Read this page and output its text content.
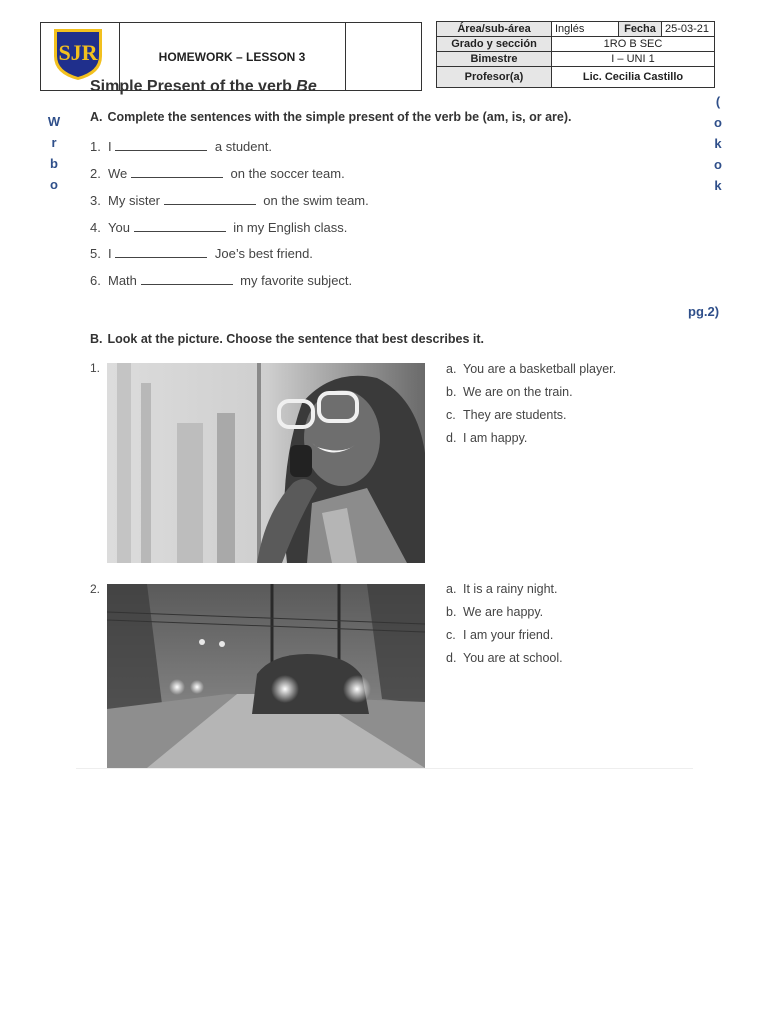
SJR	HOMEWORK – LESSON 3
Área/sub-área	Inglés	Fecha	25-03-21
Grado y sección	1RO B SEC		
Bimestre	I – UNI 1		
Profesor(a)	Lic. Cecilia Castillo		
Simple Present of the verb Be
W
r
b
o
(
o
k
o
k
pg.2)
A. Complete the sentences with the simple present of the verb be (am, is, or are).
1. I	a student.
2. We	on the soccer team.
3. My sister	on the swim team.
4. You	in my English class.
5. I	Joe’s best friend.
6. Math	my favorite subject.
B. Look at the picture. Choose the sentence that best describes it.
1.	a. You are a basketball player.
b. We are on the train.
c. They are students.
d. I am happy.
2.	a. It is a rainy night.
b. We are happy.
c. I am your friend.
d. You are at school.
